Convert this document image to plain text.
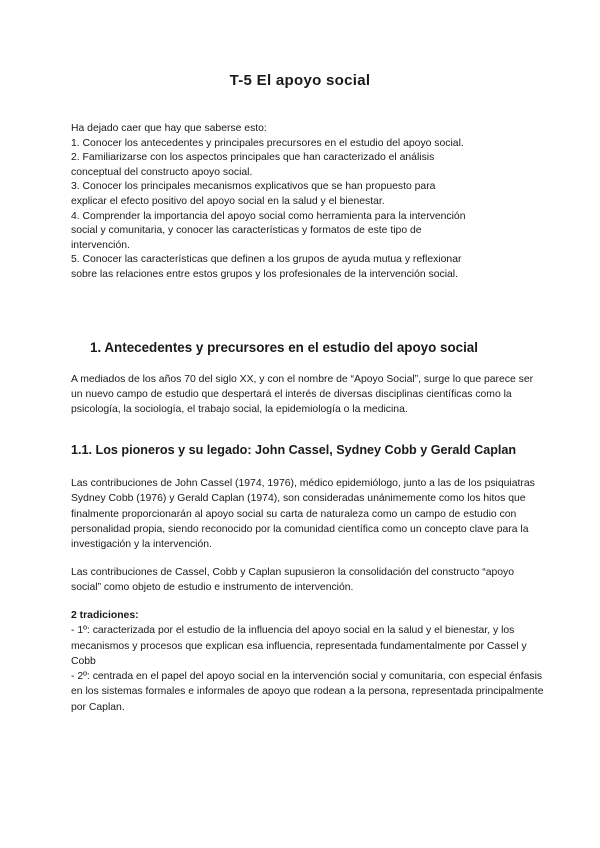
T-5 El apoyo social

Ha dejado caer que hay que saberse esto:

1. Conocer los antecedentes y principales precursores en el estudio del apoyo social.

2. Familiarizarse con los aspectos principales que han caracterizado el análisis conceptual del constructo apoyo social.

3. Conocer los principales mecanismos explicativos que se han propuesto para explicar el efecto positivo del apoyo social en la salud y el bienestar.

4. Comprender la importancia del apoyo social como herramienta para la intervención social y comunitaria, y conocer las características y formatos de este tipo de intervención.

5. Conocer las características que definen a los grupos de ayuda mutua y reflexionar sobre las relaciones entre estos grupos y los profesionales de la intervención social.

1. Antecedentes y precursores en el estudio del apoyo social

A mediados de los años 70 del siglo XX, y con el nombre de “Apoyo Social”, surge lo que parece ser un nuevo campo de estudio que despertará el interés de diversas disciplinas científicas como la psicología, la sociología, el trabajo social, la epidemiología o la medicina.

1.1. Los pioneros y su legado: John Cassel, Sydney Cobb y Gerald Caplan

Las contribuciones de John Cassel (1974, 1976), médico epidemiólogo, junto a las de los psiquiatras Sydney Cobb (1976) y Gerald Caplan (1974), son consideradas unánimemente como los hitos que finalmente proporcionarán al apoyo social su carta de naturaleza como un campo de estudio con personalidad propia, siendo reconocido por la comunidad científica como un concepto clave para la investigación y la intervención.

Las contribuciones de Cassel, Cobb y Caplan supusieron la consolidación del constructo “apoyo social” como objeto de estudio e instrumento de intervención.

2 tradiciones:

- 1º: caracterizada por el estudio de la influencia del apoyo social en la salud y el bienestar, y los mecanismos y procesos que explican esa influencia, representada fundamentalmente por Cassel y Cobb

- 2º: centrada en el papel del apoyo social en la intervención social y comunitaria, con especial énfasis en los sistemas formales e informales de apoyo que rodean a la persona, representada principalmente por Caplan.
